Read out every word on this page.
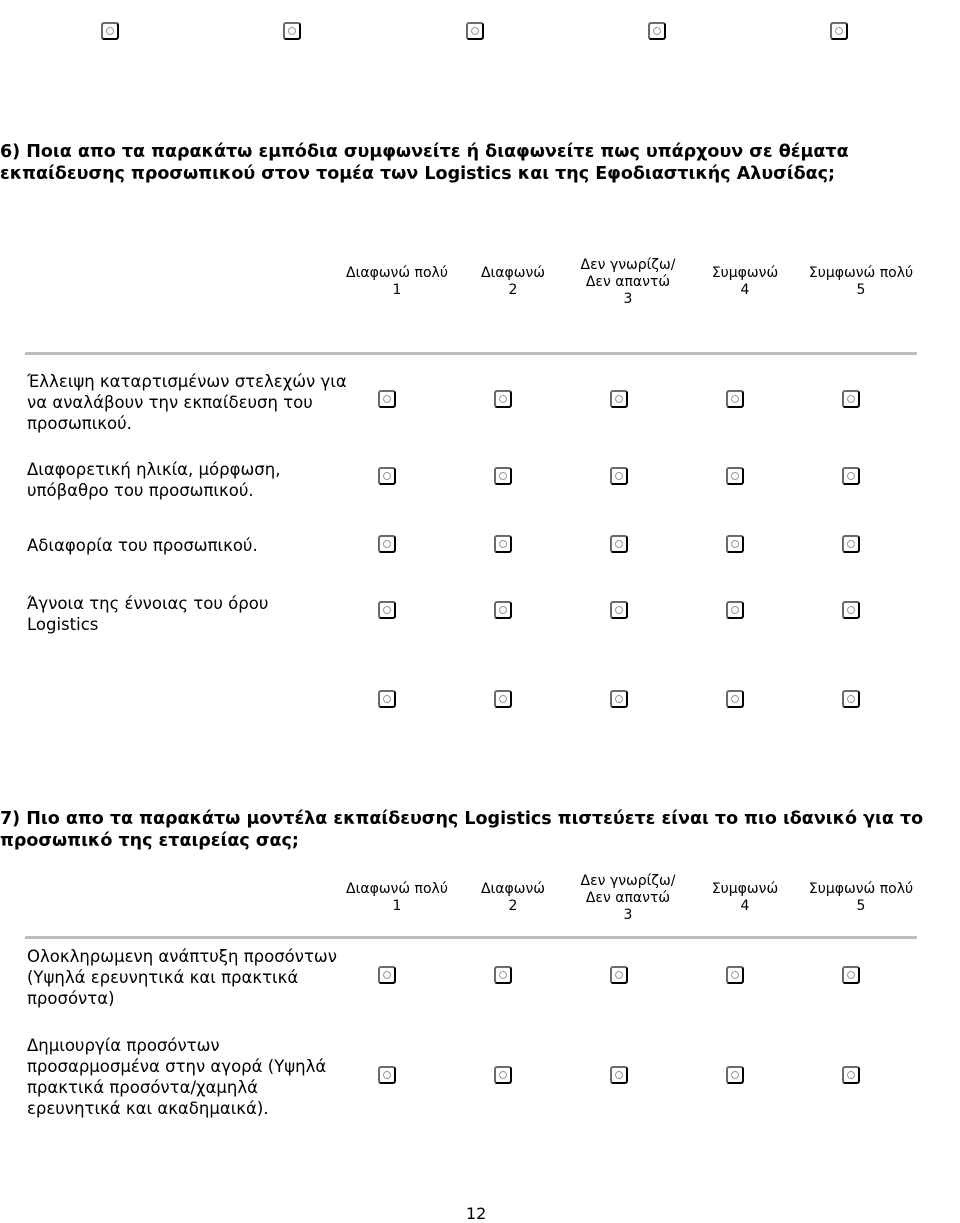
6) Ποια απο τα παρακάτω εμπόδια συμφωνείτε ή διαφωνείτε πως υπάρχουν σε θέματα εκπαίδευσης προσωπικού στον τομέα των Logistics και της Εφοδιαστικής Αλυσίδας;
Διαφωνώ πολύ
1
Διαφωνώ
2
Δεν γνωρίζω/
Δεν απαντώ
3
Συμφωνώ
4
Συμφωνώ πολύ
5
Έλλειψη καταρτισμένων στελεχών για να αναλάβουν την εκπαίδευση του προσωπικού.
Διαφορετική ηλικία, μόρφωση, υπόβαθρο του προσωπικού.
Αδιαφορία του προσωπικού.
Άγνοια της έννοιας του όρου Logistics
7) Πιο απο τα παρακάτω μοντέλα εκπαίδευσης Logistics πιστεύετε είναι το πιο ιδανικό για το προσωπικό της εταιρείας σας;
Διαφωνώ πολύ
1
Διαφωνώ
2
Δεν γνωρίζω/
Δεν απαντώ
3
Συμφωνώ
4
Συμφωνώ πολύ
5
Ολοκληρωμενη ανάπτυξη προσόντων (Υψηλά ερευνητικά και πρακτικά προσόντα)
Δημιουργία προσόντων προσαρμοσμένα στην αγορά (Υψηλά πρακτικά προσόντα/χαμηλά ερευνητικά και ακαδημαικά).
12
